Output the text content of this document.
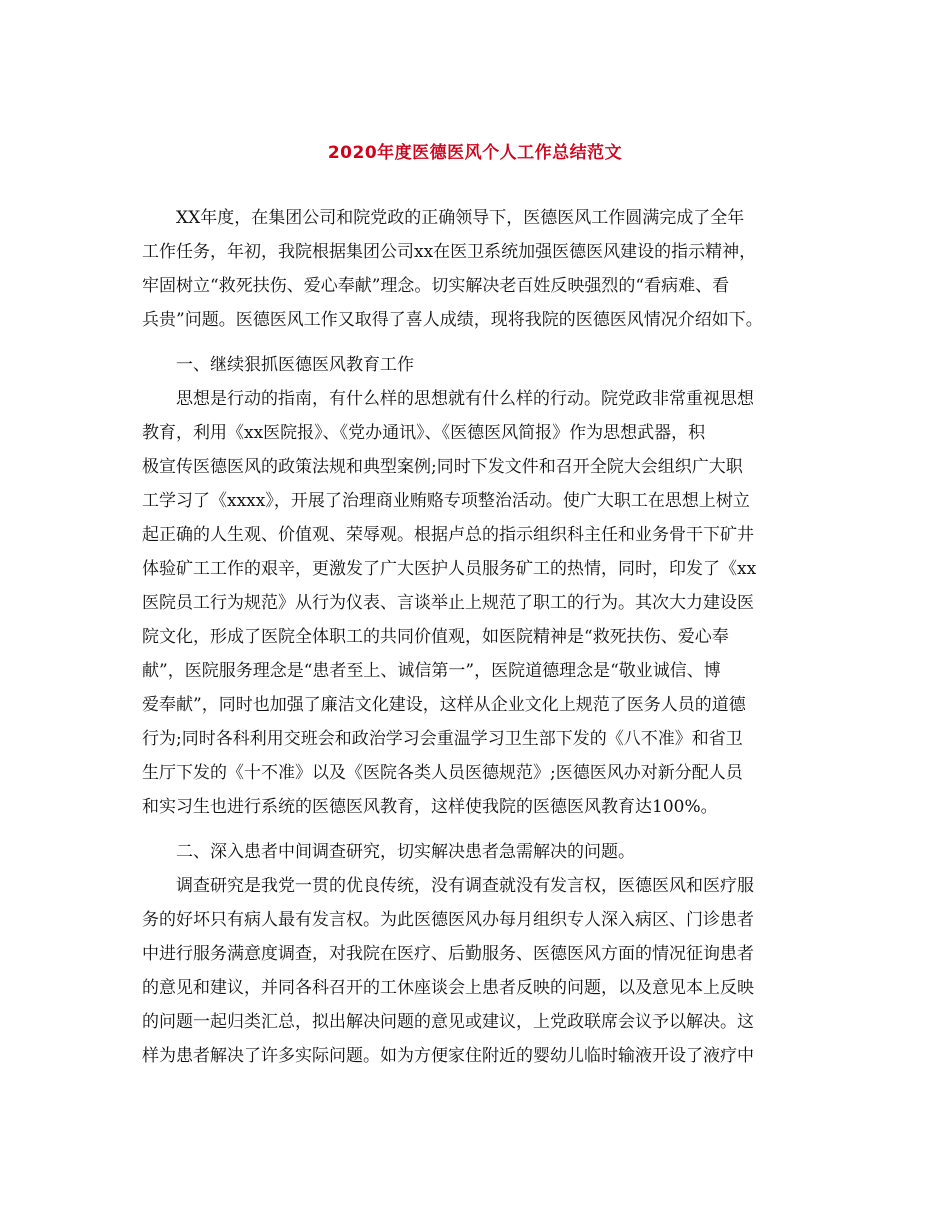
2020年度医德医风个人工作总结范文
XX年度，在集团公司和院党政的正确领导下，医德医风工作圆满完成了全年
工作任务，年初，我院根据集团公司xx在医卫系统加强医德医风建设的指示精神，
牢固树立“救死扶伤、爱心奉献”理念。切实解决老百姓反映强烈的“看病难、看
兵贵”问题。医德医风工作又取得了喜人成绩，现将我院的医德医风情况介绍如下。
一、继续狠抓医德医风教育工作
思想是行动的指南，有什么样的思想就有什么样的行动。院党政非常重视思想
教育，利用《xx医院报》、《党办通讯》、《医德医风简报》作为思想武器，积
极宣传医德医风的政策法规和典型案例;同时下发文件和召开全院大会组织广大职
工学习了《xxxx》，开展了治理商业贿赂专项整治活动。使广大职工在思想上树立
起正确的人生观、价值观、荣辱观。根据卢总的指示组织科主任和业务骨干下矿井
体验矿工工作的艰辛，更激发了广大医护人员服务矿工的热情，同时，印发了《xx
医院员工行为规范》从行为仪表、言谈举止上规范了职工的行为。其次大力建设医
院文化，形成了医院全体职工的共同价值观，如医院精神是“救死扶伤、爱心奉
献”，医院服务理念是“患者至上、诚信第一”，医院道德理念是“敬业诚信、博
爱奉献”，同时也加强了廉洁文化建设，这样从企业文化上规范了医务人员的道德
行为;同时各科利用交班会和政治学习会重温学习卫生部下发的《八不准》和省卫
生厅下发的《十不准》以及《医院各类人员医德规范》;医德医风办对新分配人员
和实习生也进行系统的医德医风教育，这样使我院的医德医风教育达100%。
二、深入患者中间调查研究，切实解决患者急需解决的问题。
调查研究是我党一贯的优良传统，没有调查就没有发言权，医德医风和医疗服
务的好坏只有病人最有发言权。为此医德医风办每月组织专人深入病区、门诊患者
中进行服务满意度调查，对我院在医疗、后勤服务、医德医风方面的情况征询患者
的意见和建议，并同各科召开的工休座谈会上患者反映的问题，以及意见本上反映
的问题一起归类汇总，拟出解决问题的意见或建议，上党政联席会议予以解决。这
样为患者解决了许多实际问题。如为方便家住附近的婴幼儿临时输液开设了液疗中
